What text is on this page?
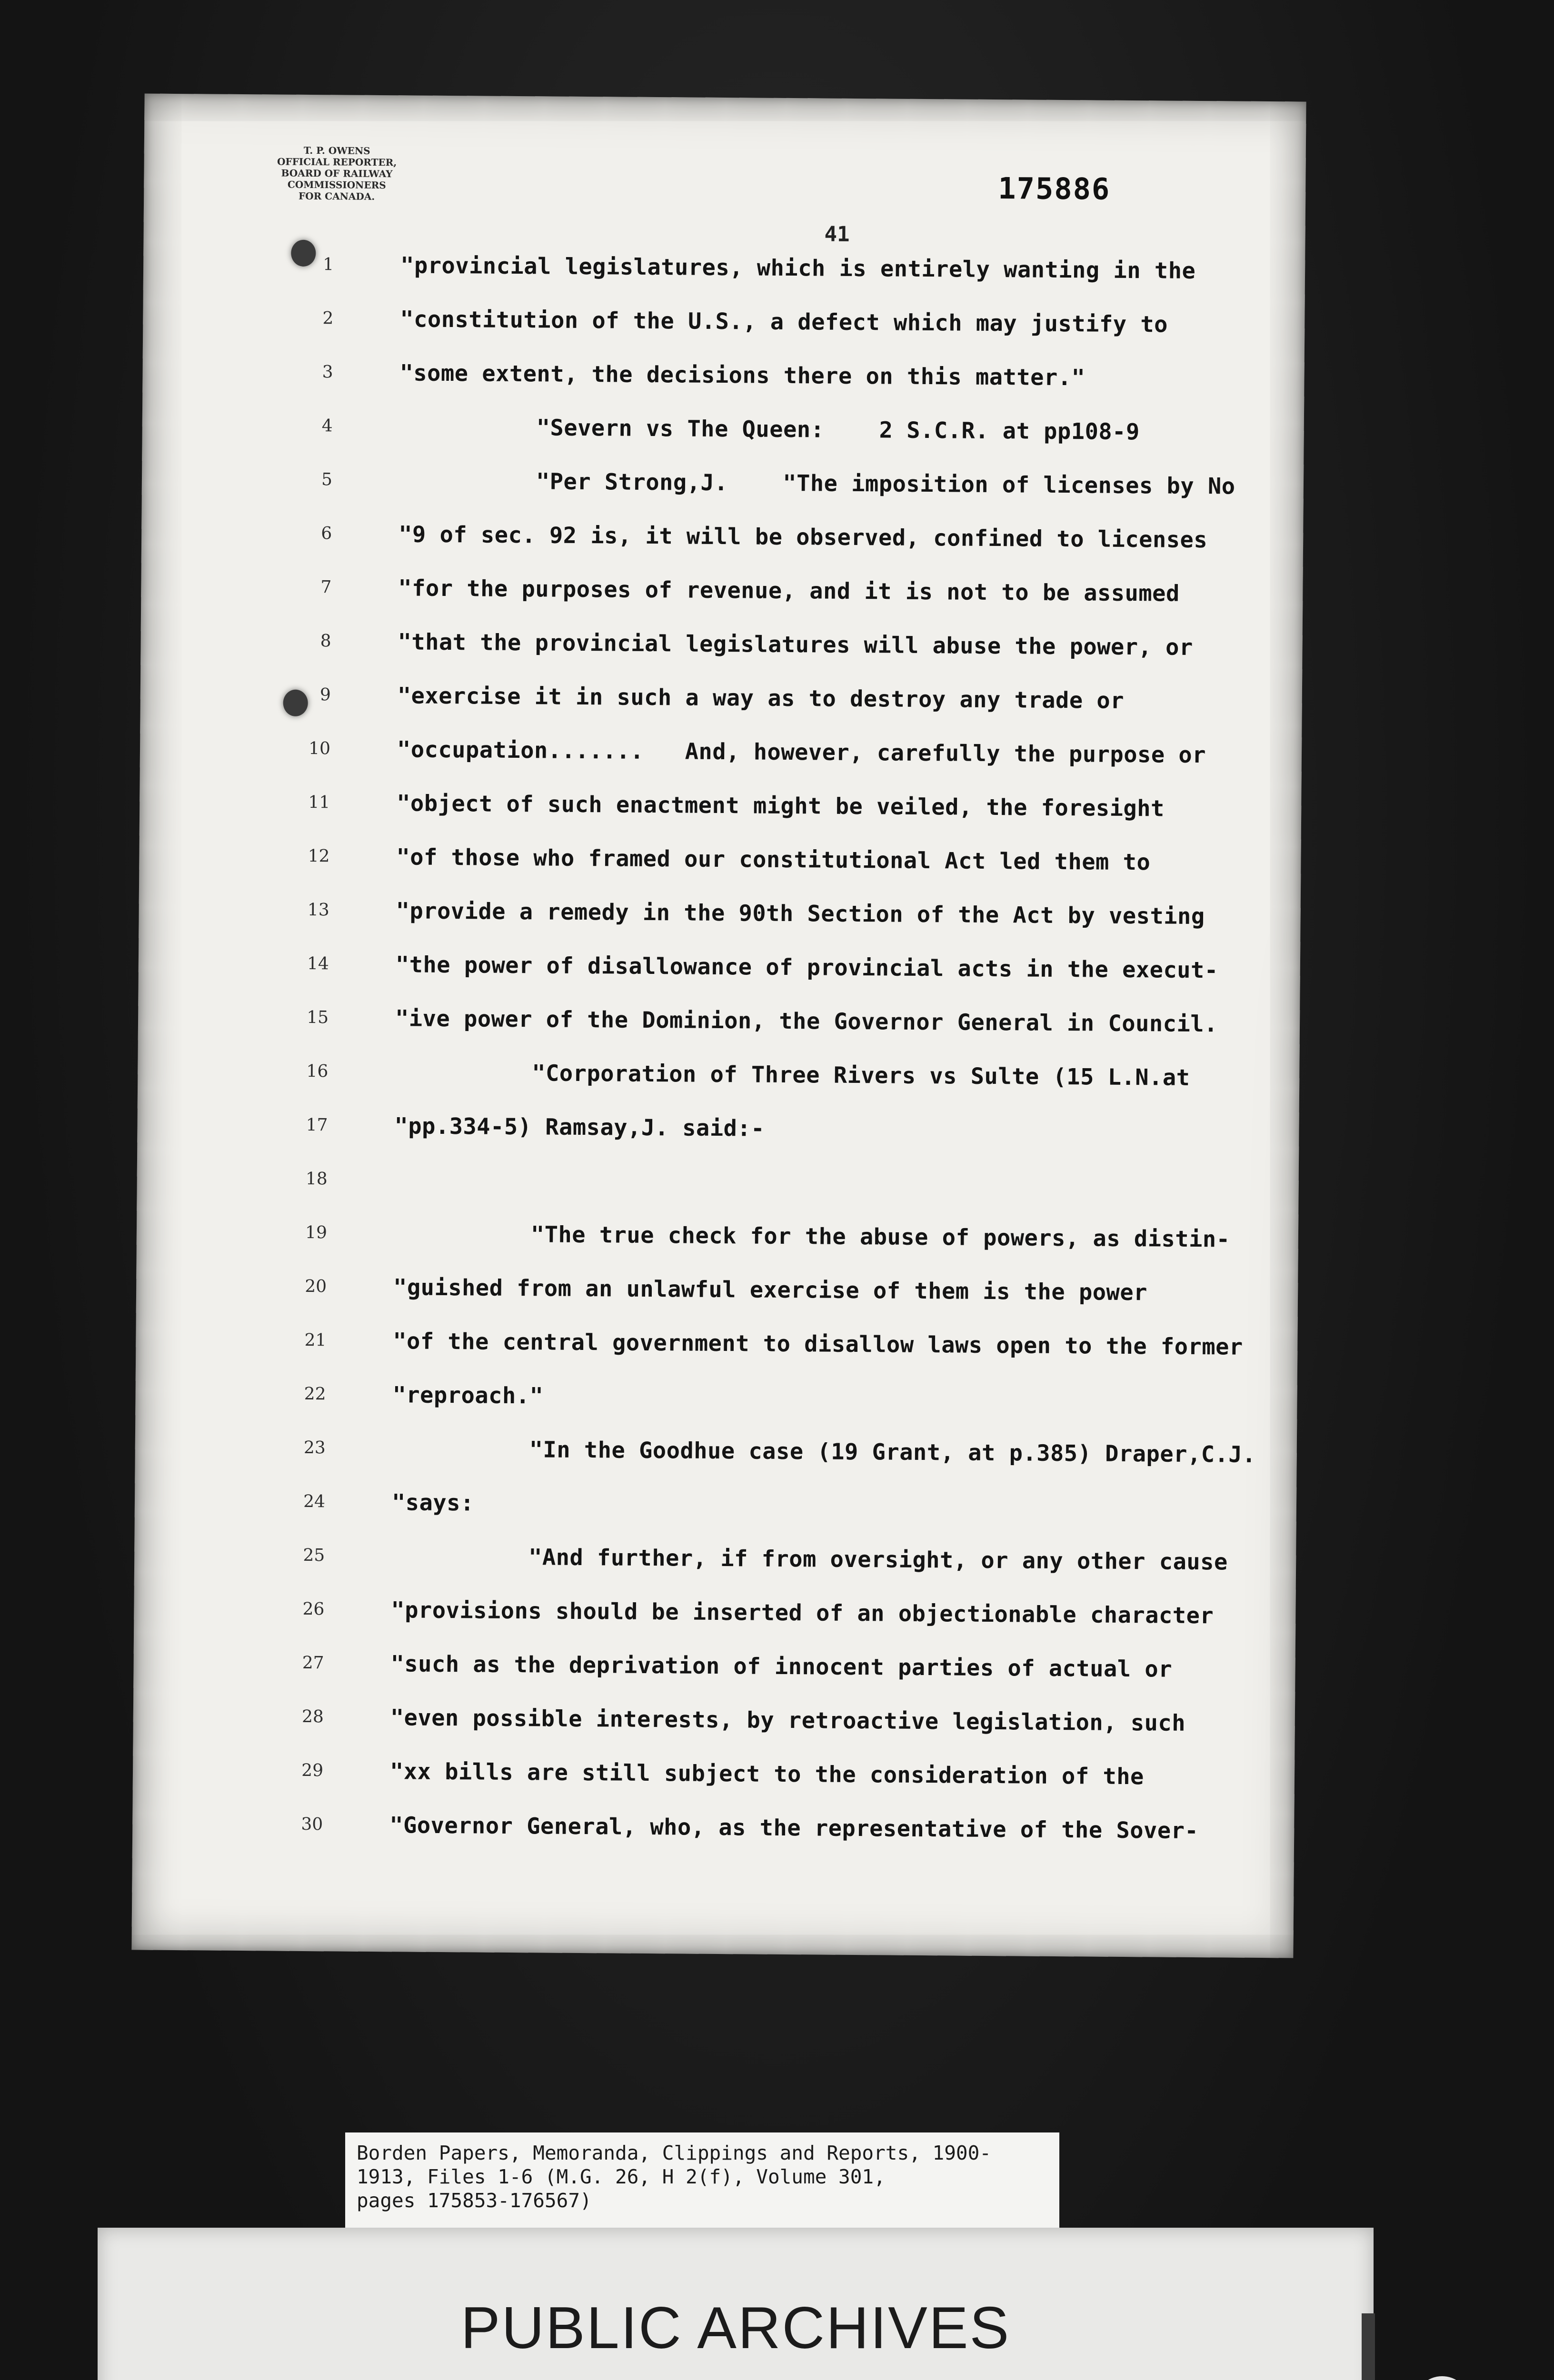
T. P. OWENS
OFFICIAL REPORTER,
BOARD OF RAILWAY
COMMISSIONERS
FOR CANADA.	175886
41
1	"provincial legislatures, which is entirely wanting in the
2	"constitution of the U.S., a defect which may justify to
3	"some extent, the decisions there on this matter."
4	"Severn vs The Queen:    2 S.C.R. at pp108-9
5	"Per Strong,J.    "The imposition of licenses by No
6	"9 of sec. 92 is, it will be observed, confined to licenses
7	"for the purposes of revenue, and it is not to be assumed
8	"that the provincial legislatures will abuse the power, or
9	"exercise it in such a way as to destroy any trade or
10	"occupation.......   And, however, carefully the purpose or
11	"object of such enactment might be veiled, the foresight
12	"of those who framed our constitutional Act led them to
13	"provide a remedy in the 90th Section of the Act by vesting
14	"the power of disallowance of provincial acts in the execut-
15	"ive power of the Dominion, the Governor General in Council.
16	"Corporation of Three Rivers vs Sulte (15 L.N.at
17	"pp.334-5) Ramsay,J. said:-
18
19	"The true check for the abuse of powers, as distin-
20	"guished from an unlawful exercise of them is the power
21	"of the central government to disallow laws open to the former
22	"reproach."
23	"In the Goodhue case (19 Grant, at p.385) Draper,C.J.
24	"says:
25	"And further, if from oversight, or any other cause
26	"provisions should be inserted of an objectionable character
27	"such as the deprivation of innocent parties of actual or
28	"even possible interests, by retroactive legislation, such
29	"xx bills are still subject to the consideration of the
30	"Governor General, who, as the representative of the Sover-
Borden Papers, Memoranda, Clippings and Reports, 1900-
1913, Files 1-6 (M.G. 26, H 2(f), Volume 301,
pages 175853-176567)
PUBLIC ARCHIVES
